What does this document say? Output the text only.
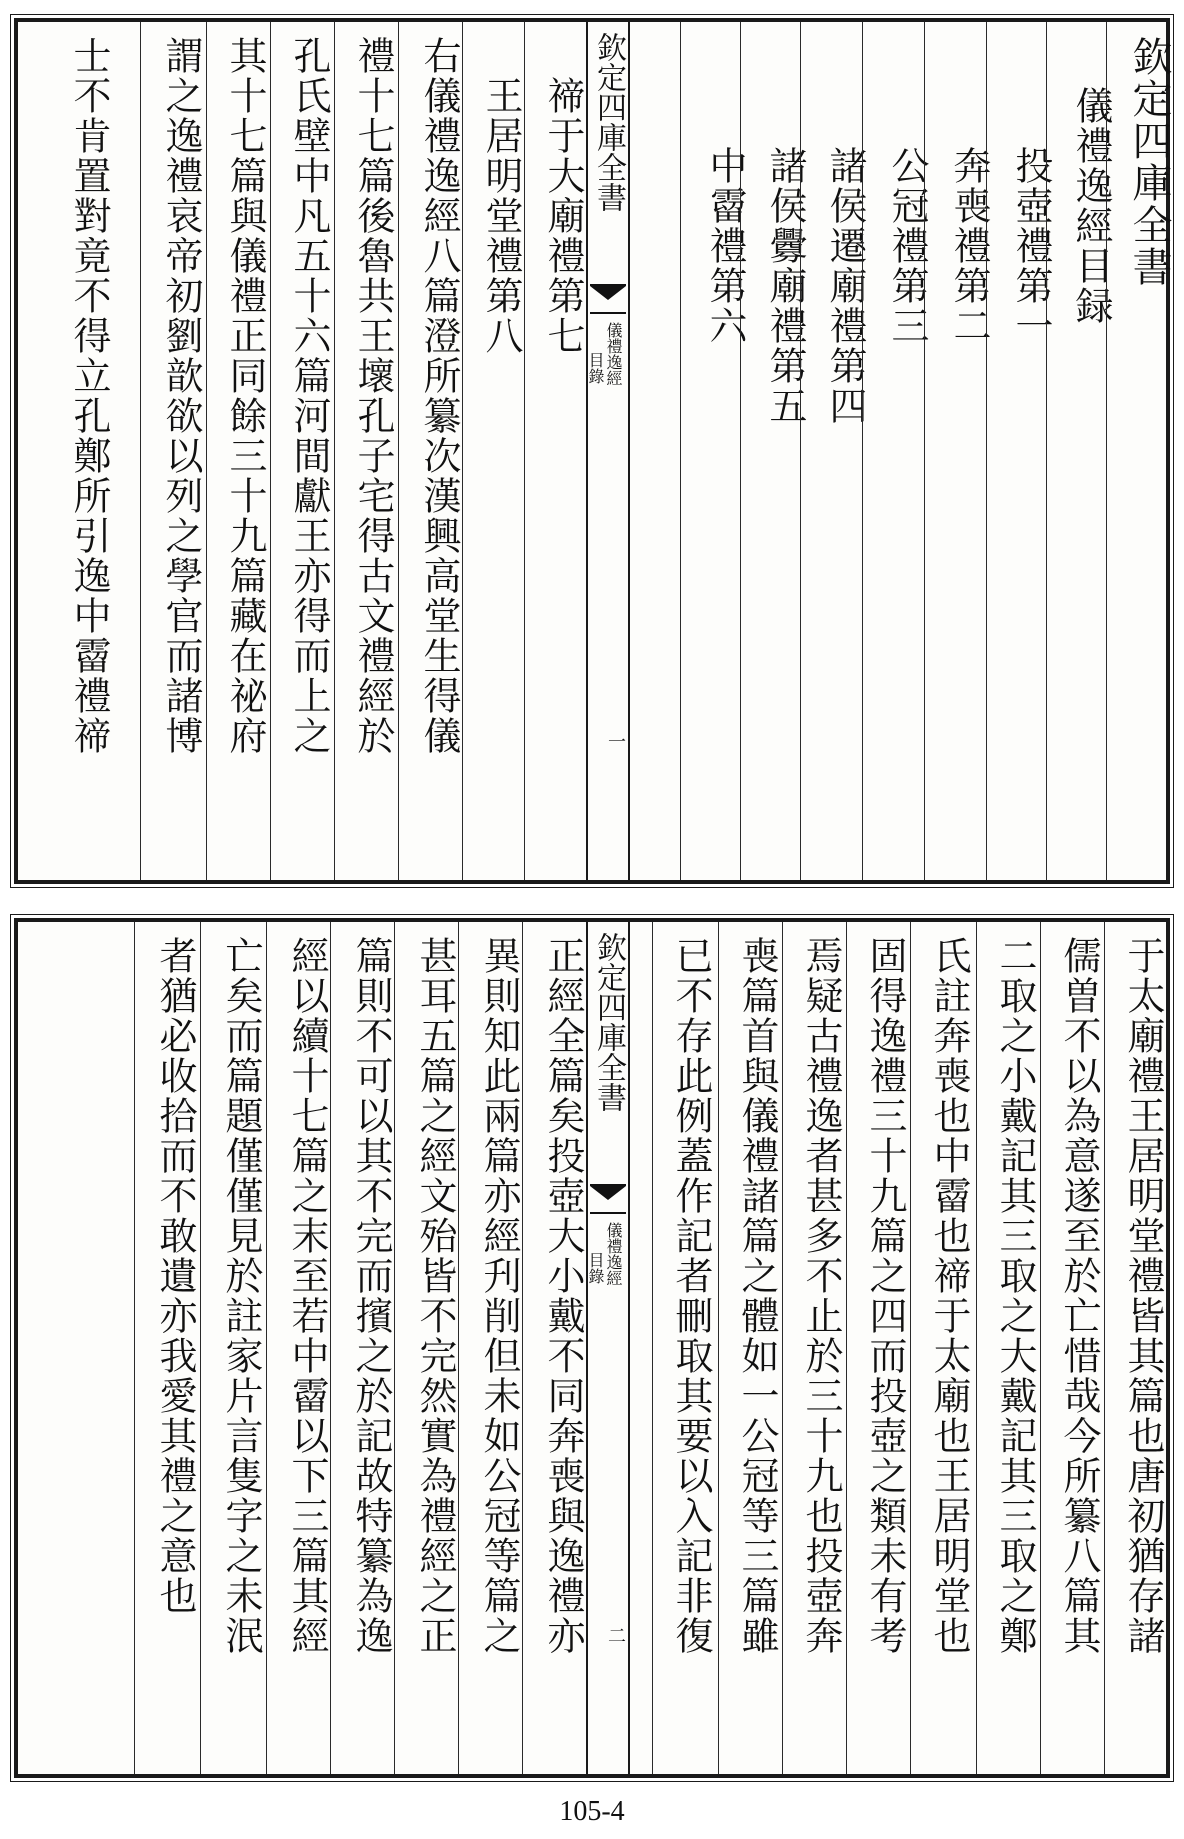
欽定四庫全書
儀禮逸經目録
投壺禮第一
奔喪禮第二
公冠禮第三
諸侯遷廟禮第四
諸侯釁廟禮第五
中霤禮第六
欽定四庫全書
儀禮逸經
目錄
一
禘于大廟禮第七
王居明堂禮第八
右儀禮逸經八篇澄所纂次漢興高堂生得儀
禮十七篇後魯共王壞孔子宅得古文禮經於
孔氏壁中凡五十六篇河間獻王亦得而上之
其十七篇與儀禮正同餘三十九篇藏在祕府
謂之逸禮哀帝初劉歆欲以列之學官而諸博
士不肯置對竟不得立孔鄭所引逸中霤禮禘
于太廟禮王居明堂禮皆其篇也唐初猶存諸
儒曽不以為意遂至於亡惜哉今所纂八篇其
二取之小戴記其三取之大戴記其三取之鄭
氏註奔喪也中霤也禘于太廟也王居明堂也
固得逸禮三十九篇之四而投壺之類未有考
焉疑古禮逸者甚多不止於三十九也投壺奔
喪篇首與儀禮諸篇之體如一公冠等三篇雖
已不存此例蓋作記者刪取其要以入記非復
欽定四庫全書
儀禮逸經
目錄
二
正經全篇矣投壺大小戴不同奔喪與逸禮亦
異則知此兩篇亦經刋削但未如公冠等篇之
甚耳五篇之經文殆皆不完然實為禮經之正
篇則不可以其不完而擯之於記故特纂為逸
經以續十七篇之末至若中霤以下三篇其經
亡矣而篇題僅僅見於註家片言隻字之未泯
者猶必收拾而不敢遺亦我愛其禮之意也
105-4
